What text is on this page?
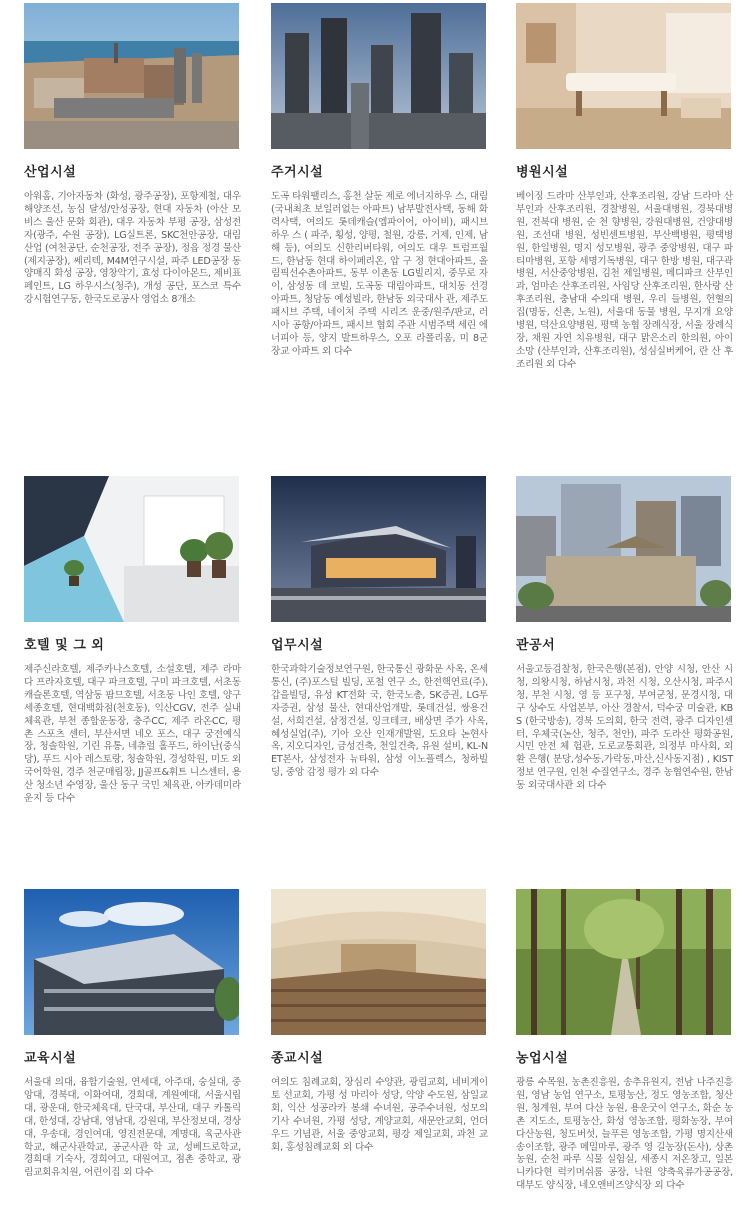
산업시설
아워홈, 기아자동차 (화성, 광주공장), 포항제철, 대우해양조선, 농심 달성/안성공장, 현대 자동차 (아산 모비스 울산 문화 회관), 대우 자동차 부평 공장, 삼성전자(광주, 수원 공장), LG실트론, SKC천안공장, 대림산업 (여천공단, 순천공장, 전주 공장), 정읍 정경 물산(제지공장), 쎄리텍, M4M연구시설, 파주 LED공장 동양매직 화성 공장, 영창악기, 효성 다이아몬드, 제비표 페인트, LG 하우시스(청주), 개성 공단, 포스코 특수강시험연구동, 한국도로공사 영업소 8개소
주거시설
도곡 타워팰리스, 홍천 살둔 제로 에너지하우 스, 대림(국내최초 보일러없는 아파트) 남부발전사택, 동해 화력사택, 여의도 롯데캐슬(엠파이어, 아이비), 패시브하우 스 ( 파주, 횡성, 양평, 철원, 강릉, 거제, 인제, 남해 등), 여의도 신한리버타워, 여의도 대우 트럼프월드, 한남동 현대 하이페리온, 압 구 정 현대아파트, 올림픽선수촌아파트, 동부 이촌동 LG빌리지, 중무로 자이, 삼성동 데 코빌, 도곡동 대림아파트, 대치동 선경 아파트, 청담동 예성빌라, 한남동 외국대사 관, 제주도 패시브 주택, 네이처 주택 시리즈 운중/원주/판교, 러시아 공항/아파트, 패시브 협회 주관 시범주택 세린 에너피아 등, 양지 발트하우스, 오포 라폴리움, 미 8군 장교 아파트 외 다수
병원시설
베이징 드라마 산부인과, 산후조리원, 강남 드라마 산부인과 산후조리원, 경찰병원, 서울대병원, 경북대병원, 전북대 병원, 순 천 향병원, 강원대병원, 건양대병원, 조선대 병원, 성빈센트병원, 부산백병원, 평택병원, 한일병원, 명지 성모병원, 광주 중앙병원, 대구 파티마병원, 포항 세명기독병원, 대구 한방 병원, 대구곽병원, 서산중앙병원, 김천 제일병원, 메디파크 산부인과, 엄마손 산후조리원, 사임당 산후조리원, 한사랑 산 후조리원, 충남대 수의대 병원, 우리 들병원, 헌혈의 집(명동, 신촌, 노원), 서울대 동물 병원, 무지개 요양병원, 덕산요양병원, 평택 농협 장례식장, 서울 장례식장, 채원 자연 치유병원, 대구 맑은소리 한의원, 아이 소망 (산부인과, 산후조리원), 성심실버케어, 란 산 후조리원 외 다수
호텔 및 그 외
제주신라호텔, 제주카나스호텔, 소설호텔, 제주 라마다 프라자호텔, 대구 파크호텔, 구미 파크호텔, 서초동 캐슬론호텔, 역삼동 팜므호텔, 서초동 나인 호텔, 양구 세종호텔, 현대백화점(천호동), 익산CGV, 전주 실내 체육관, 부천 종합운동장, 충주CC, 제주 라온CC, 평촌 스포츠 센터, 부산서면 네오 포스, 대구 궁전예식장, 청솔학원, 기린 유통, 네츄럴 홀푸드, 하이난(중식당), 푸드 시아 레스토랑, 청솔학원, 경성학원, 미도 외국어학원, 경주 천군매립장, JJ골프&휘트 니스센터, 용산 청소년 수영장, 울산 동구 국민 체육관, 아카데미라운지 등 다수
업무시설
한국과학기술정보연구원, 한국통신 광화문 사옥, 온세통신, (주)포스틸 빌딩, 포철 연구 소, 한전핵연료(주), 갑을빌딩, 유성 KT전화 국, 한국노총, SK증권, LG투자증권, 삼성 물산, 현대산업개발, 롯데건설, 쌍용건설, 서희건설, 삼정건설, 잉크테크, 배상면 주가 사옥, 혜성실업(주), 기아 오산 인재개발원, 도요타 논현사옥, 지오디자인, 금성건축, 천일건축, 유원 설비, KL-NET본사, 삼성전자 뉴타워, 삼성 이노플렉스, 청하빌딩, 중앙 감정 평가 외 다수
관공서
서울고등검찰청, 한국은행(본점), 안양 시청, 안산 시청, 의왕시청, 하남시청, 과천 시청, 오산시청, 파주시청, 부천 시청, 영 등 포구청, 부여군청, 문경시청, 대구 상수도 사업본부, 아산 경찰서, 덕수궁 미술관, KBS (한국방송), 경북 도의회, 한국 전력, 광주 디자인센터, 우체국(논산, 청주, 천안), 파주 도라산 평화공원, 시민 안전 체 험관, 도로교통회관, 의정부 마사회, 외환 은행( 분당,성수동,가락동,마산,신사동지점) , KIST 정보 연구원, 인천 수질연구소, 경주 농협연수원, 한남동 외국대사관 외 다수
교육시설
서울대 의대, 융합기술원, 연세대, 아주대, 숭실대, 중앙대, 경북대, 이화여대, 경희대, 계원예대, 서울시립대, 광운대, 한국체육대, 단국대, 부산대, 대구 카톨릭대, 한성대, 강남대, 영남대, 강원대, 부산정보대, 경상 대, 우송대, 경인여대, 영진전문대, 계명대, 육군사관학교, 해군사관학교, 공군사관 학 교, 성베드로학교, 경희대 기숙사, 경희여고, 대원여고, 점촌 중학교, 광림교회유치원, 어린이집 외 다수
종교시설
여의도 침례교회, 장심리 수양관, 광림교회, 네비게이토 선교회, 가평 성 마리아 성당, 악양 수도원, 삼일교회, 익산 성공라카 봉쇄 수녀원, 공주수녀원, 성모의 기사 수녀원, 가평 성당, 계양교회, 새문안교회, 언더우드 기념관, 서울 중앙교회, 평강 제일교회, 과천 교회, 홍성침례교회 외 다수
농업시설
광릉 수목원, 농촌진흥원, 송추유원지, 전남 나주진흥원, 영남 농업 연구소, 토평농산, 정도 영농조합, 청산원, 청계원, 부여 다산 농원, 용운굿이 연구소, 화순 농촌 지도소, 토평농산, 화성 영농조합, 평화농장, 부여 다산농원, 청도버섯, 늘푸른 영농조합, 가평 명지산새송이조합, 광주 메밀마루, 광주 영 길농장(돈사), 상촌농원, 순천 파루 식물 실험실, 세종시 저온창고, 일본 니카다현 럭키머쉬룸 공장, 낙원 양축육류가공공장, 대부도 양식장, 네오앤비즈양식장 외 다수
